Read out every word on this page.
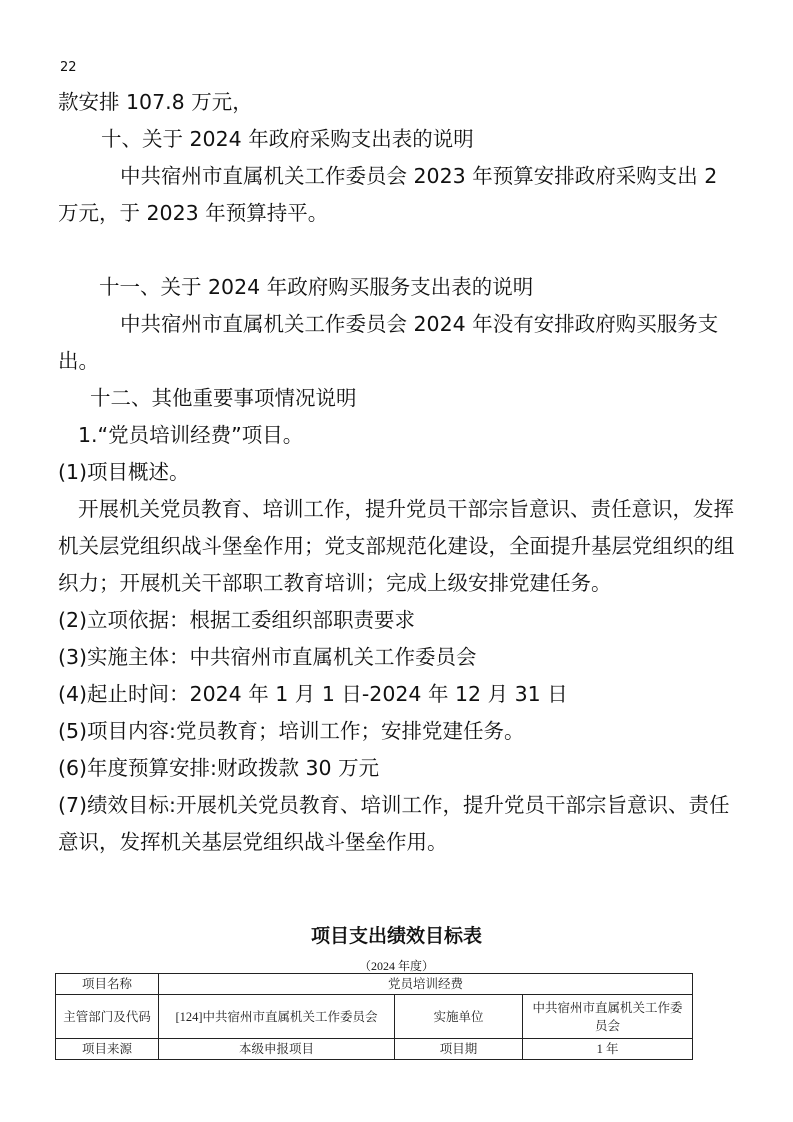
22
款安排 107.8 万元，
十、关于 2024 年政府采购支出表的说明
中共宿州市直属机关工作委员会 2023 年预算安排政府采购支出 2
万元，于 2023 年预算持平。
十一、关于 2024 年政府购买服务支出表的说明
中共宿州市直属机关工作委员会 2024 年没有安排政府购买服务支
出。
十二、其他重要事项情况说明
1.“党员培训经费”项目。
(1)项目概述。
开展机关党员教育、培训工作，提升党员干部宗旨意识、责任意识，发挥机关层党组织战斗堡垒作用；党支部规范化建设，全面提升基层党组织的组织力；开展机关干部职工教育培训；完成上级安排党建任务。
(2)立项依据：根据工委组织部职责要求
(3)实施主体：中共宿州市直属机关工作委员会
(4)起止时间：2024 年 1 月 1 日-2024 年 12 月 31 日
(5)项目内容:党员教育；培训工作；安排党建任务。
(6)年度预算安排:财政拨款 30 万元
(7)绩效目标:开展机关党员教育、培训工作，提升党员干部宗旨意识、责任意识，发挥机关基层党组织战斗堡垒作用。
项目支出绩效目标表
（2024 年度）
项目名称	党员培训经费		
主管部门及代码	[124]中共宿州市直属机关工作委员会	实施单位	中共宿州市直属机关工作委员会
项目来源	本级申报项目	项目期	1 年
